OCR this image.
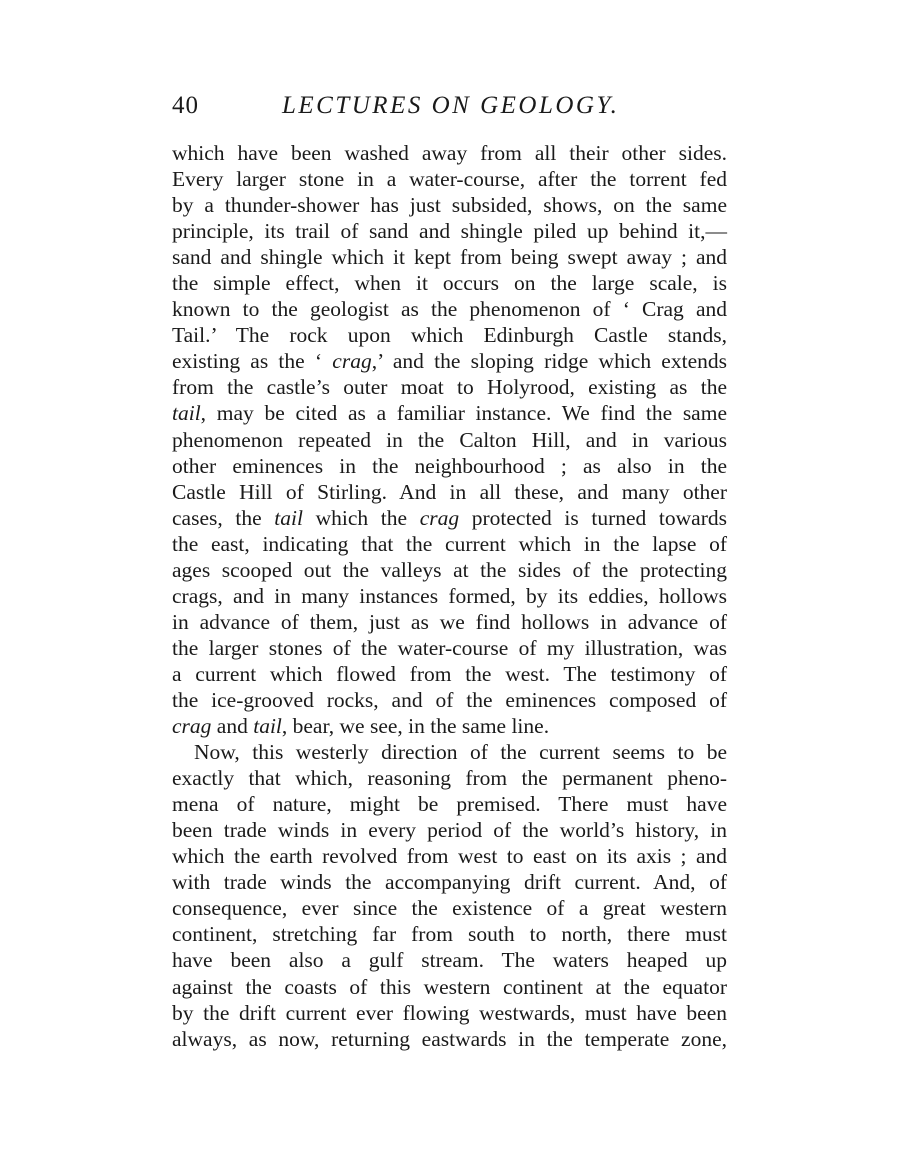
40	LECTURES ON GEOLOGY.
which have been washed away from all their other sides.
Every larger stone in a water-course, after the torrent fed
by a thunder-shower has just subsided, shows, on the same
principle, its trail of sand and shingle piled up behind it,—
sand and shingle which it kept from being swept away ; and
the simple effect, when it occurs on the large scale, is
known to the geologist as the phenomenon of ‘ Crag and
Tail.’ The rock upon which Edinburgh Castle stands,
existing as the ‘ crag,’ and the sloping ridge which extends
from the castle’s outer moat to Holyrood, existing as the
tail, may be cited as a familiar instance. We find the same
phenomenon repeated in the Calton Hill, and in various
other eminences in the neighbourhood ; as also in the
Castle Hill of Stirling. And in all these, and many other
cases, the tail which the crag protected is turned towards
the east, indicating that the current which in the lapse of
ages scooped out the valleys at the sides of the protecting
crags, and in many instances formed, by its eddies, hollows
in advance of them, just as we find hollows in advance of
the larger stones of the water-course of my illustration, was
a current which flowed from the west. The testimony of
the ice-grooved rocks, and of the eminences composed of
crag and tail, bear, we see, in the same line.
Now, this westerly direction of the current seems to be
exactly that which, reasoning from the permanent pheno-
mena of nature, might be premised. There must have
been trade winds in every period of the world’s history, in
which the earth revolved from west to east on its axis ; and
with trade winds the accompanying drift current. And, of
consequence, ever since the existence of a great western
continent, stretching far from south to north, there must
have been also a gulf stream. The waters heaped up
against the coasts of this western continent at the equator
by the drift current ever flowing westwards, must have been
always, as now, returning eastwards in the temperate zone,
